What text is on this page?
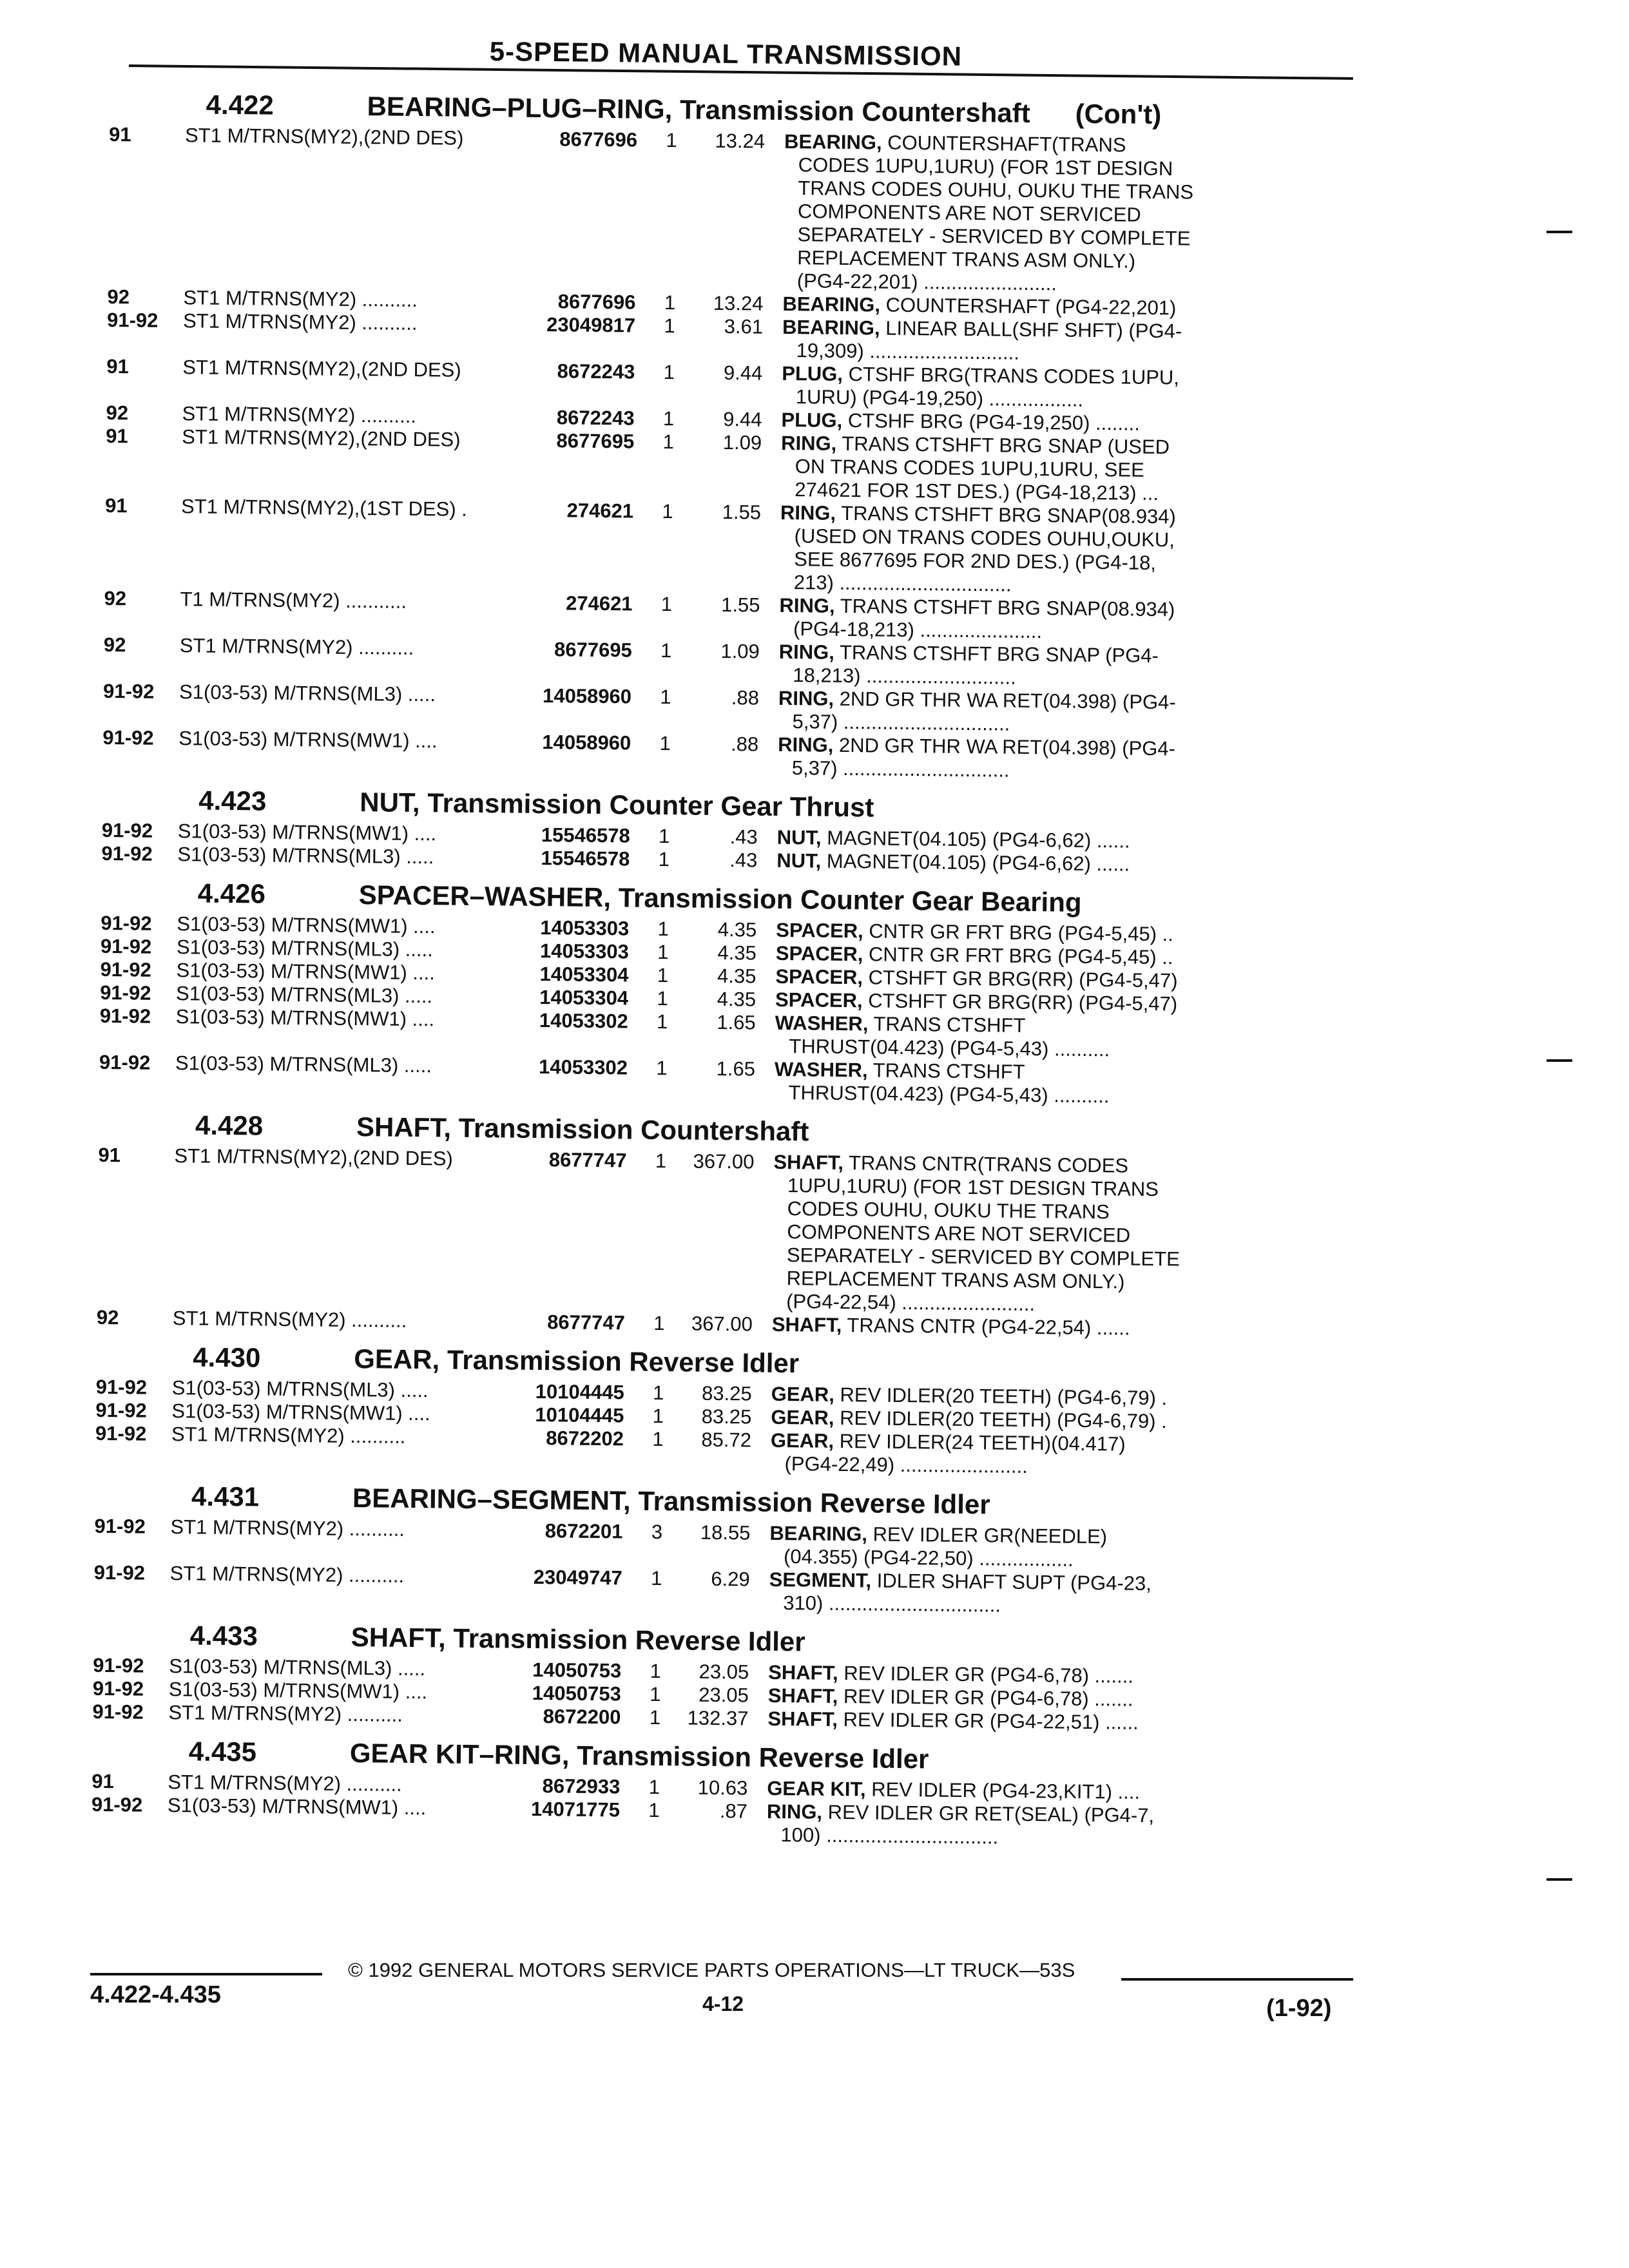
5-SPEED MANUAL TRANSMISSION
4.422	BEARING–PLUG–RING, Transmission Countershaft (Con't)
91	ST1 M/TRNS(MY2),(2ND DES)	8677696	1	13.24 BEARING, COUNTERSHAFT(TRANS
CODES 1UPU,1URU) (FOR 1ST DESIGN
TRANS CODES OUHU, OUKU THE TRANS
COMPONENTS ARE NOT SERVICED
SEPARATELY - SERVICED BY COMPLETE
REPLACEMENT TRANS ASM ONLY.)
(PG4-22,201) ........................
92	ST1 M/TRNS(MY2) ..........	8677696	1	13.24 BEARING, COUNTERSHAFT (PG4-22,201)
91-92	ST1 M/TRNS(MY2) ..........	23049817	1	3.61 BEARING, LINEAR BALL(SHF SHFT) (PG4-
19,309) ...........................
91	ST1 M/TRNS(MY2),(2ND DES)	8672243	1	9.44 PLUG, CTSHF BRG(TRANS CODES 1UPU,
1URU) (PG4-19,250) .................
92	ST1 M/TRNS(MY2) ..........	8672243	1	9.44 PLUG, CTSHF BRG (PG4-19,250) ........
91	ST1 M/TRNS(MY2),(2ND DES)	8677695	1	1.09 RING, TRANS CTSHFT BRG SNAP (USED
ON TRANS CODES 1UPU,1URU, SEE
274621 FOR 1ST DES.) (PG4-18,213) ...
91	ST1 M/TRNS(MY2),(1ST DES) .	274621	1	1.55 RING, TRANS CTSHFT BRG SNAP(08.934)
(USED ON TRANS CODES OUHU,OUKU,
SEE 8677695 FOR 2ND DES.) (PG4-18,
213) ...............................
92	T1 M/TRNS(MY2) ...........	274621	1	1.55 RING, TRANS CTSHFT BRG SNAP(08.934)
(PG4-18,213) ......................
92	ST1 M/TRNS(MY2) ..........	8677695	1	1.09 RING, TRANS CTSHFT BRG SNAP (PG4-
18,213) ...........................
91-92	S1(03-53) M/TRNS(ML3) .....	14058960	1	.88 RING, 2ND GR THR WA RET(04.398) (PG4-
5,37) ..............................
91-92	S1(03-53) M/TRNS(MW1) ....	14058960	1	.88 RING, 2ND GR THR WA RET(04.398) (PG4-
5,37) ..............................
4.423	NUT, Transmission Counter Gear Thrust
91-92	S1(03-53) M/TRNS(MW1) ....	15546578	1	.43 NUT, MAGNET(04.105) (PG4-6,62) ......
91-92	S1(03-53) M/TRNS(ML3) .....	15546578	1	.43 NUT, MAGNET(04.105) (PG4-6,62) ......
4.426	SPACER–WASHER, Transmission Counter Gear Bearing
91-92	S1(03-53) M/TRNS(MW1) ....	14053303	1	4.35 SPACER, CNTR GR FRT BRG (PG4-5,45) ..
91-92	S1(03-53) M/TRNS(ML3) .....	14053303	1	4.35 SPACER, CNTR GR FRT BRG (PG4-5,45) ..
91-92	S1(03-53) M/TRNS(MW1) ....	14053304	1	4.35 SPACER, CTSHFT GR BRG(RR) (PG4-5,47)
91-92	S1(03-53) M/TRNS(ML3) .....	14053304	1	4.35 SPACER, CTSHFT GR BRG(RR) (PG4-5,47)
91-92	S1(03-53) M/TRNS(MW1) ....	14053302	1	1.65 WASHER, TRANS CTSHFT
THRUST(04.423) (PG4-5,43) ..........
91-92	S1(03-53) M/TRNS(ML3) .....	14053302	1	1.65 WASHER, TRANS CTSHFT
THRUST(04.423) (PG4-5,43) ..........
4.428	SHAFT, Transmission Countershaft
91	ST1 M/TRNS(MY2),(2ND DES)	8677747	1	367.00 SHAFT, TRANS CNTR(TRANS CODES
1UPU,1URU) (FOR 1ST DESIGN TRANS
CODES OUHU, OUKU THE TRANS
COMPONENTS ARE NOT SERVICED
SEPARATELY - SERVICED BY COMPLETE
REPLACEMENT TRANS ASM ONLY.)
(PG4-22,54) ........................
92	ST1 M/TRNS(MY2) ..........	8677747	1	367.00 SHAFT, TRANS CNTR (PG4-22,54) ......
4.430	GEAR, Transmission Reverse Idler
91-92	S1(03-53) M/TRNS(ML3) .....	10104445	1	83.25 GEAR, REV IDLER(20 TEETH) (PG4-6,79) .
91-92	S1(03-53) M/TRNS(MW1) ....	10104445	1	83.25 GEAR, REV IDLER(20 TEETH) (PG4-6,79) .
91-92	ST1 M/TRNS(MY2) ..........	8672202	1	85.72 GEAR, REV IDLER(24 TEETH)(04.417)
(PG4-22,49) .......................
4.431	BEARING–SEGMENT, Transmission Reverse Idler
91-92	ST1 M/TRNS(MY2) ..........	8672201	3	18.55 BEARING, REV IDLER GR(NEEDLE)
(04.355) (PG4-22,50) .................
91-92	ST1 M/TRNS(MY2) ..........	23049747	1	6.29 SEGMENT, IDLER SHAFT SUPT (PG4-23,
310) ...............................
4.433	SHAFT, Transmission Reverse Idler
91-92	S1(03-53) M/TRNS(ML3) .....	14050753	1	23.05 SHAFT, REV IDLER GR (PG4-6,78) .......
91-92	S1(03-53) M/TRNS(MW1) ....	14050753	1	23.05 SHAFT, REV IDLER GR (PG4-6,78) .......
91-92	ST1 M/TRNS(MY2) ..........	8672200	1	132.37 SHAFT, REV IDLER GR (PG4-22,51) ......
4.435	GEAR KIT–RING, Transmission Reverse Idler
91	ST1 M/TRNS(MY2) ..........	8672933	1	10.63 GEAR KIT, REV IDLER (PG4-23,KIT1) ....
91-92	S1(03-53) M/TRNS(MW1) ....	14071775	1	.87 RING, REV IDLER GR RET(SEAL) (PG4-7,
100) ...............................
© 1992 GENERAL MOTORS SERVICE PARTS OPERATIONS—LT TRUCK—53S
4.422-4.435	4-12	(1-92)
